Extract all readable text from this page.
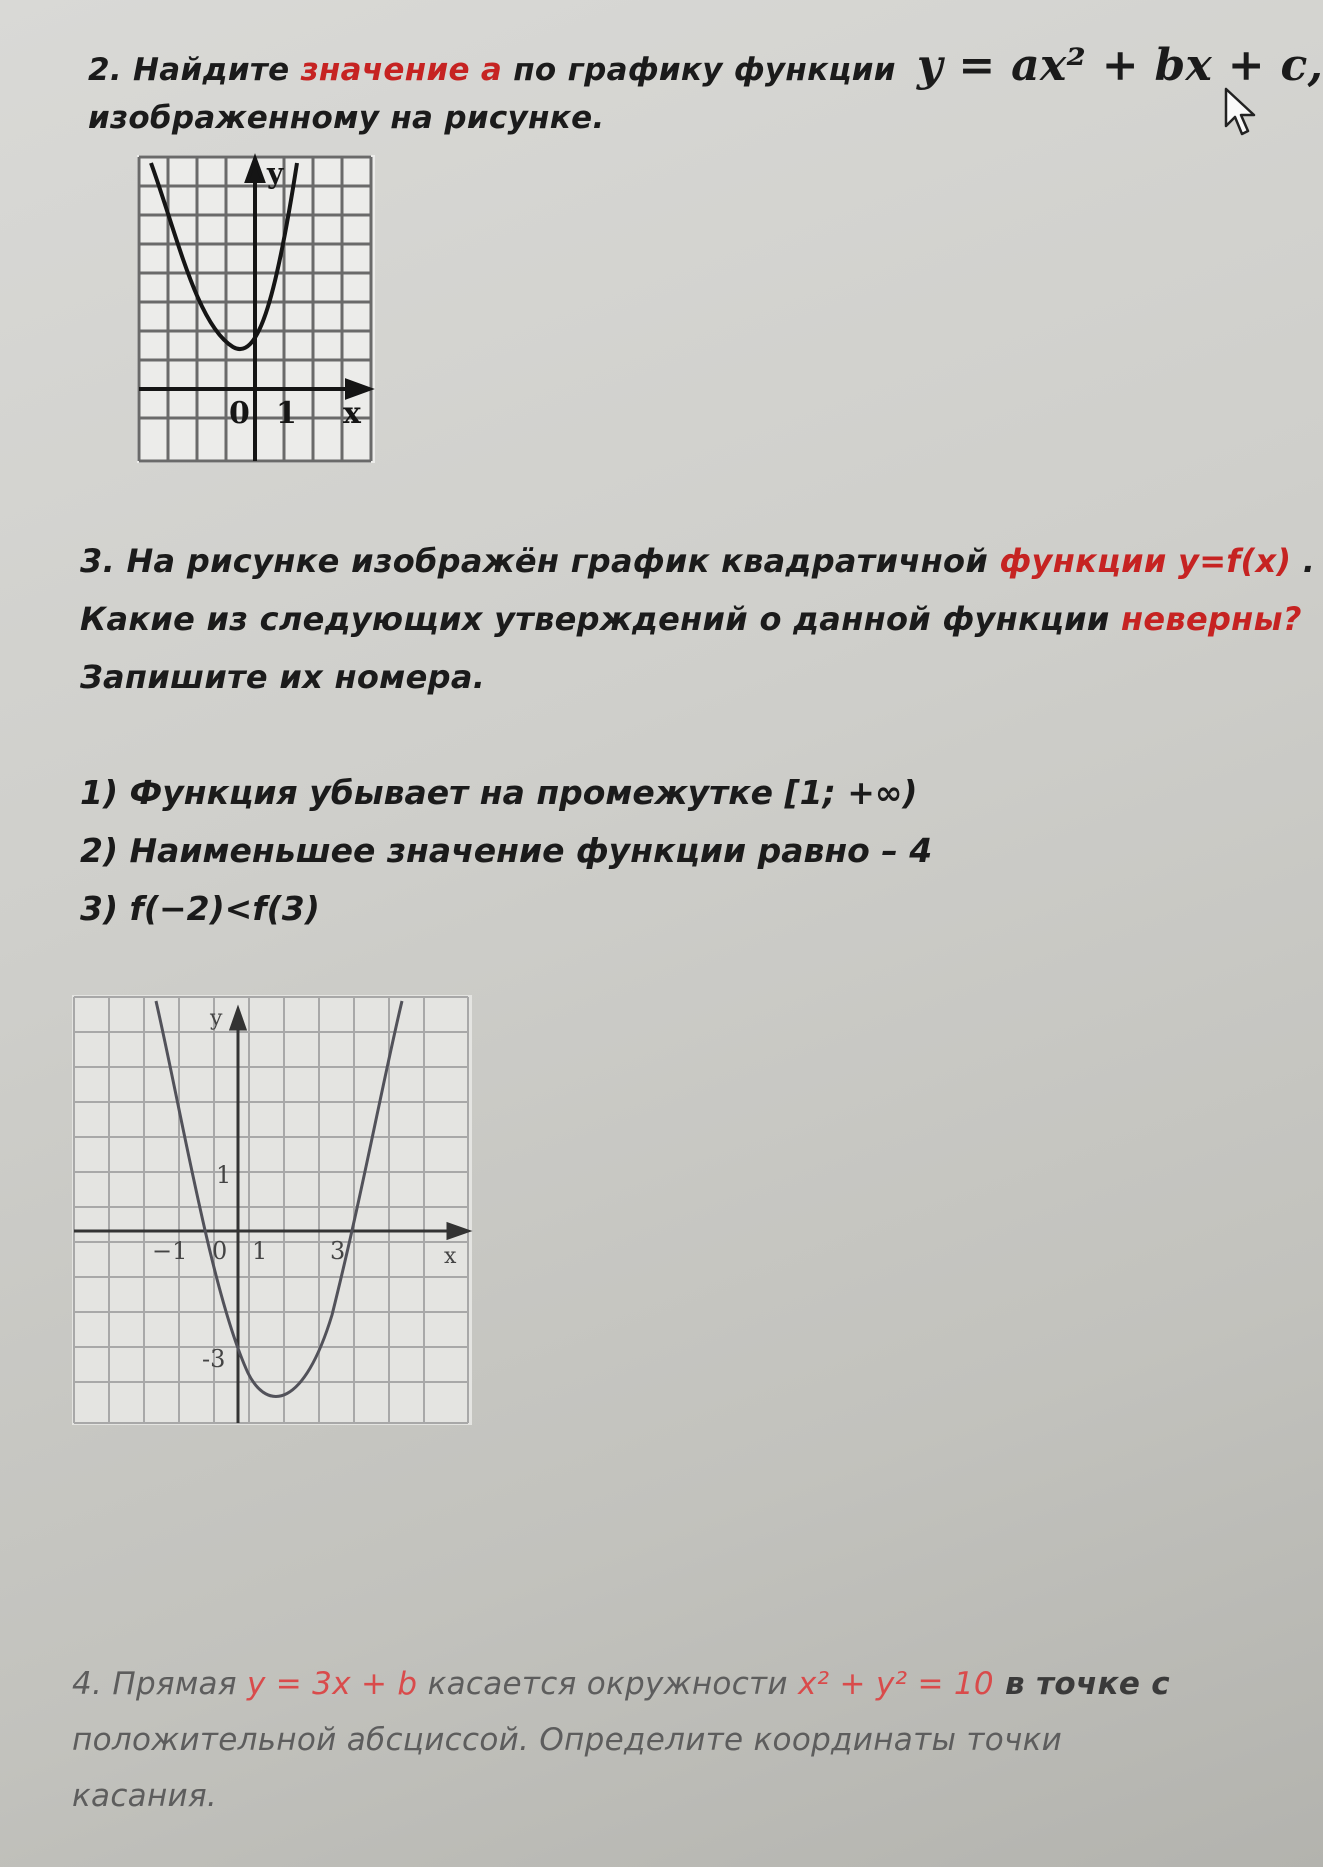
2. Найдите значение a по графику функции y = ax² + bx + c,
изображенному на рисунке.
y
x
0 1
3. На рисунке изображён график квадратичной функции y=f(x) .
Какие из следующих утверждений о данной функции неверны?
Запишите их номера.
1) Функция убывает на промежутке [1; +∞)
2) Наименьшее значение функции равно – 4
3) f(−2)<f(3)
y
x
1
−1 0 1	3
-3
4. Прямая y = 3x + b касается окружности x² + y² = 10 в точке с
положительной абсциссой. Определите координаты точки
касания.
